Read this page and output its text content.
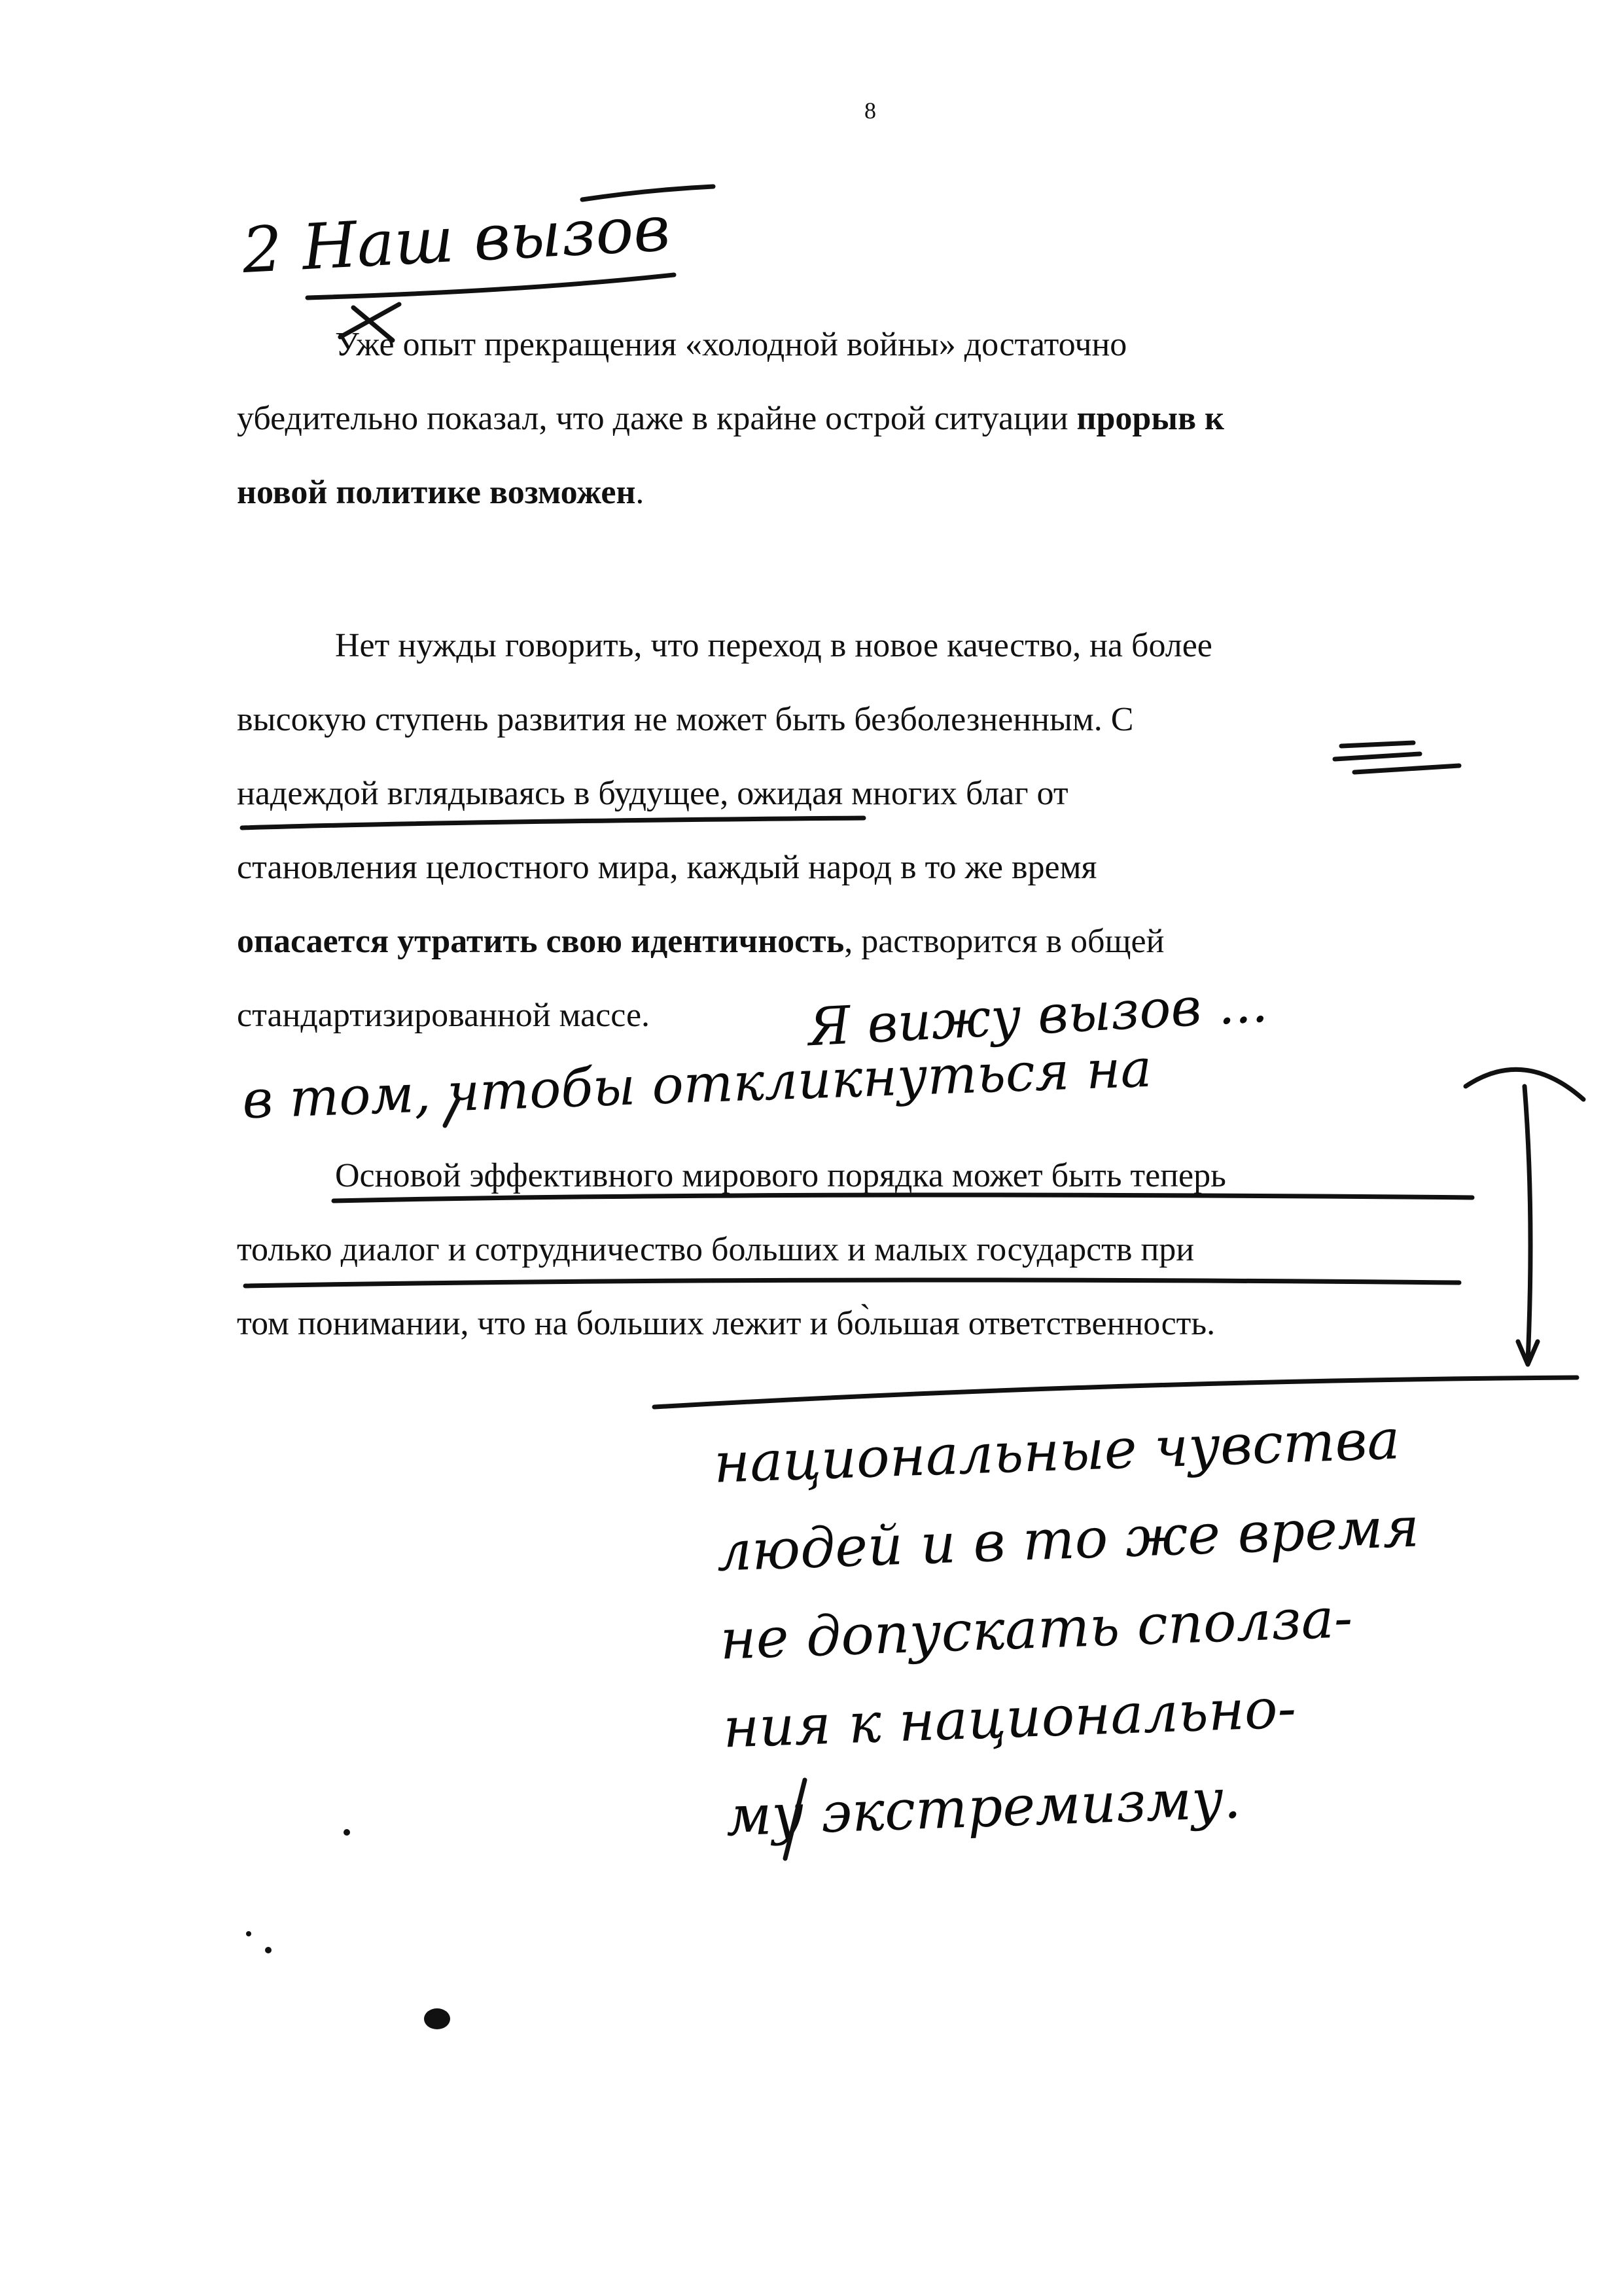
8
2 Наш вызов
Я вижу вызов ...
в том, чтобы откликнуться на
национальные чувства
людей и в то же время
не допускать сполза-
ния к национально-
му экстремизму.

Уже опыт прекращения «холодной войны» достаточно
убедительно показал, что даже в крайне острой ситуации прорыв к
новой политике возможен.

Нет нужды говорить, что переход в новое качество, на более
высокую ступень развития не может быть безболезненным. С
надеждой вглядываясь в будущее, ожидая многих благ от
становления целостного мира, каждый народ в то же время
опасается утратить свою идентичность, растворится в общей
стандартизированной массе.

Основой эффективного мирового порядка может быть теперь
только диалог и сотрудничество больших и малых государств при
том понимании, что на больших лежит и бо̀льшая ответственность.
